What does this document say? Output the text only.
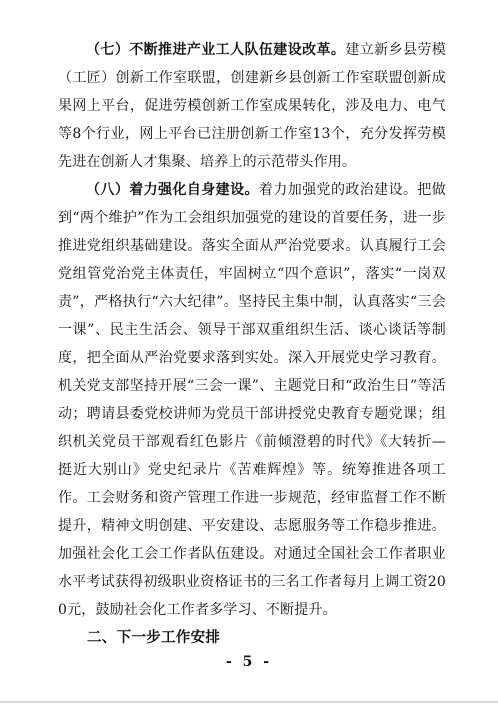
（七）不断推进产业工人队伍建设改革。建立新乡县劳模（工匠）创新工作室联盟，创建新乡县创新工作室联盟创新成果网上平台，促进劳模创新工作室成果转化，涉及电力、电气等8个行业，网上平台已注册创新工作室13个，充分发挥劳模先进在创新人才集聚、培养上的示范带头作用。

（八）着力强化自身建设。着力加强党的政治建设。把做到“两个维护”作为工会组织加强党的建设的首要任务，进一步推进党组织基础建设。落实全面从严治党要求。认真履行工会党组管党治党主体责任，牢固树立“四个意识”，落实“一岗双责”，严格执行“六大纪律”。坚持民主集中制，认真落实“三会一课”、民主生活会、领导干部双重组织生活、谈心谈话等制度，把全面从严治党要求落到实处。深入开展党史学习教育。机关党支部坚持开展“三会一课”、主题党日和“政治生日”等活动；聘请县委党校讲师为党员干部讲授党史教育专题党课；组织机关党员干部观看红色影片《前倾澄碧的时代》《大转折—挺近大别山》党史纪录片《苦难辉煌》等。统筹推进各项工作。工会财务和资产管理工作进一步规范，经审监督工作不断提升，精神文明创建、平安建设、志愿服务等工作稳步推进。加强社会化工会工作者队伍建设。对通过全国社会工作者职业水平考试获得初级职业资格证书的三名工作者每月上调工资200元，鼓励社会化工作者多学习、不断提升。

二、下一步工作安排

- 5 -
